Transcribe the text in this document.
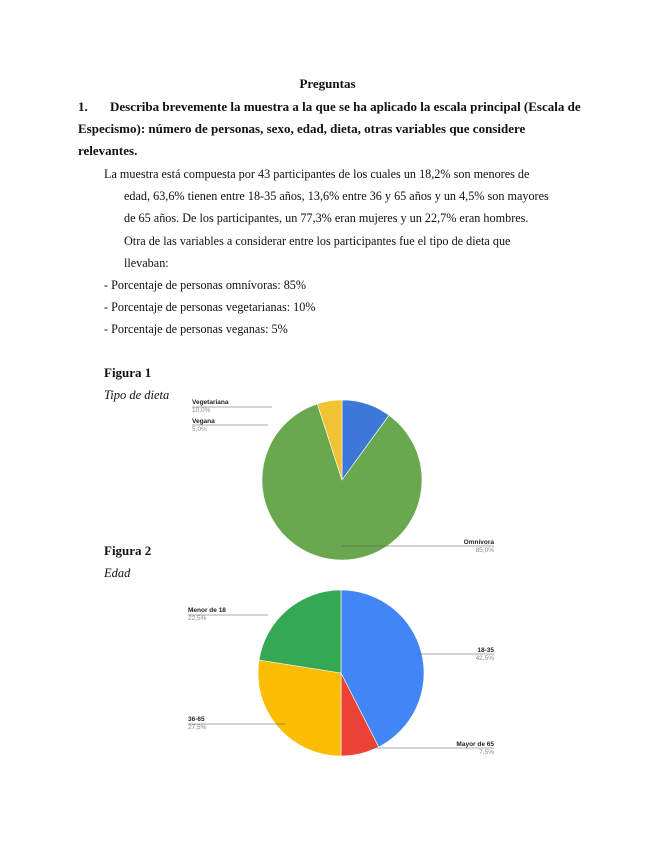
Preguntas
1. Describa brevemente la muestra a la que se ha aplicado la escala principal (Escala de
Especismo): número de personas, sexo, edad, dieta, otras variables que considere
relevantes.

La muestra está compuesta por 43 participantes de los cuales un 18,2% son menores de

edad, 63,6% tienen entre 18-35 años, 13,6% entre 36 y 65 años y un 4,5% son mayores

de 65 años. De los participantes, un 77,3% eran mujeres y un 22,7% eran hombres.

Otra de las variables a considerar entre los participantes fue el tipo de dieta que

llevaban:

- Porcentaje de personas omnívoras: 85%
- Porcentaje de personas vegetarianas: 10%
- Porcentaje de personas veganas: 5%
Figura 1
Tipo de dieta
Figura 2
Edad
Vegetariana
10,0%
Vegana
5,0%
Omnívora
85,0%
Menor de 18
22,5%
18-35
42,5%
36-65
27,5%
Mayor de 65
7,5%
